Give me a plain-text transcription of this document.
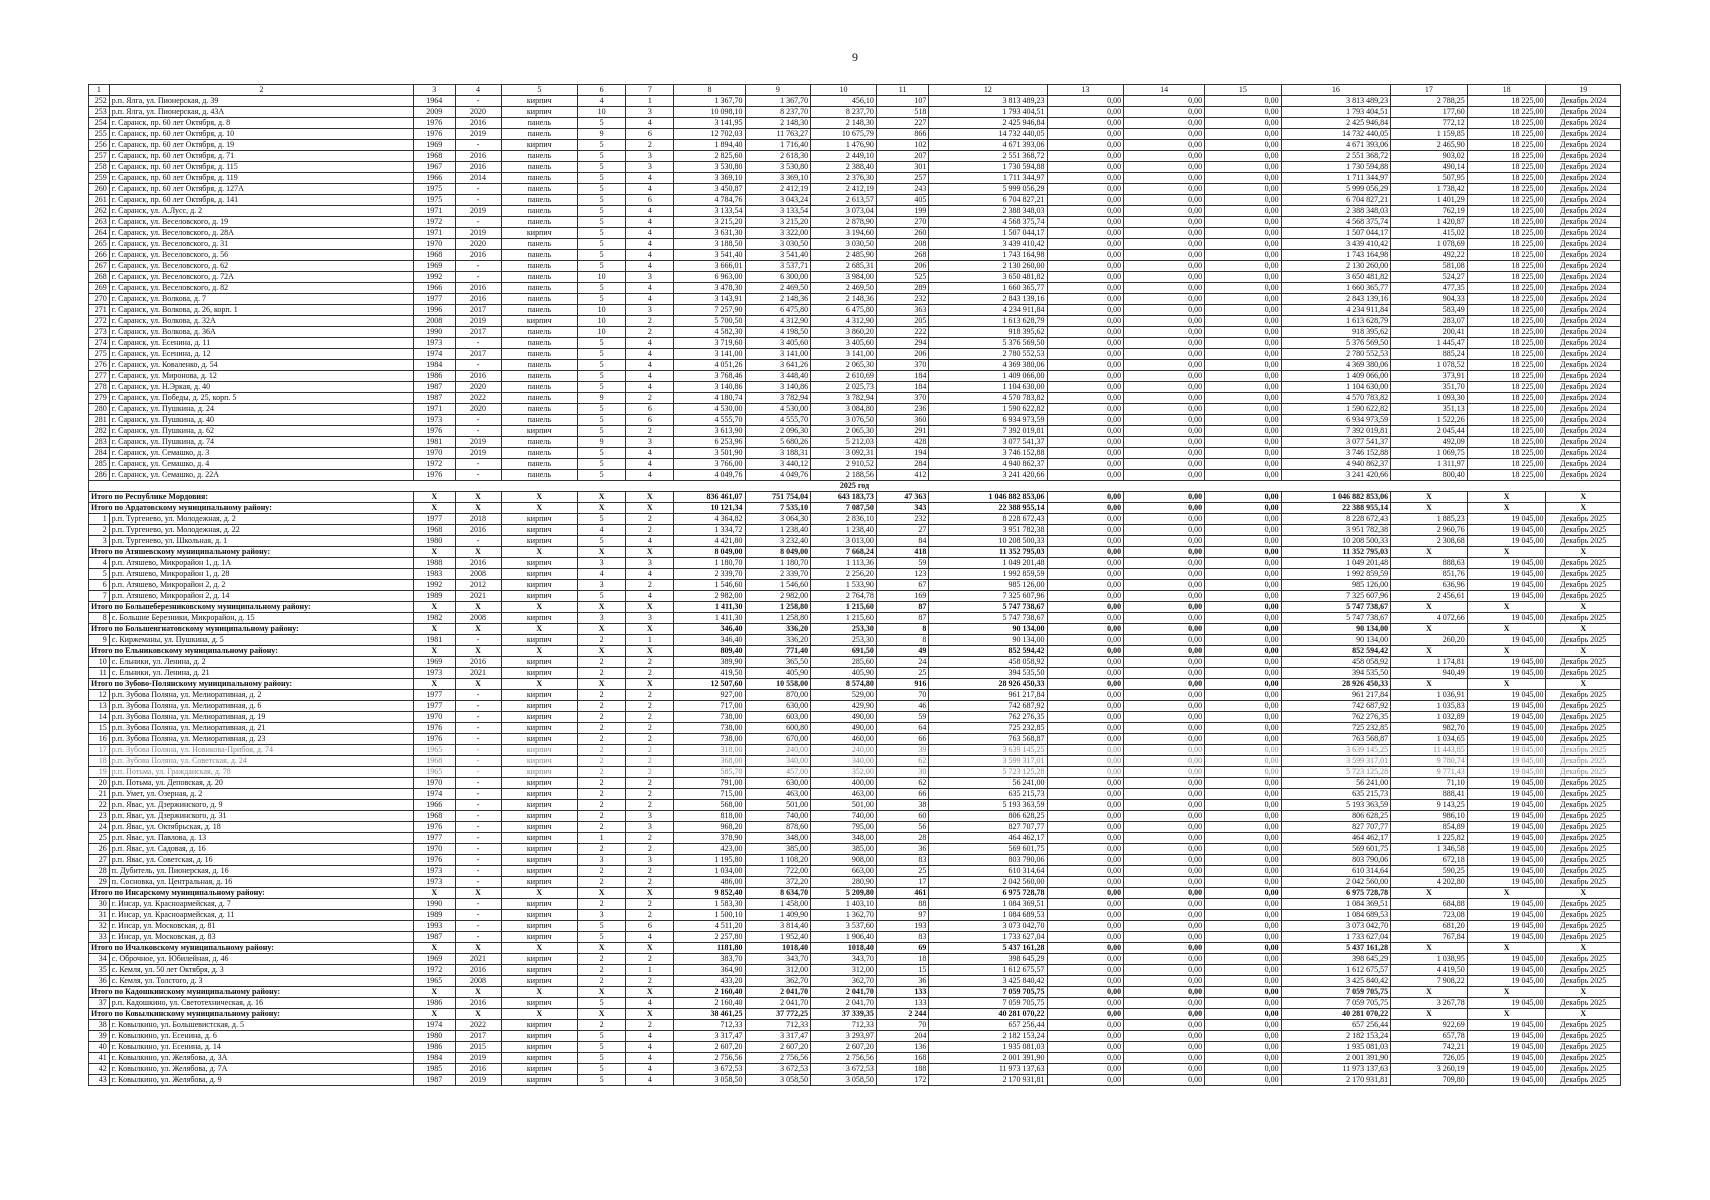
9
1	2	3	4	5	6	7	8	9	10	11	12	13	14	15	16	17	18	19
252	р.п. Ялга, ул. Пионерская, д. 39	1964	-	кирпич	4	1	1 367,70	1 367,70	456,10	107	3 813 489,23	0,00	0,00	0,00	3 813 489,23	2 788,25	18 225,00	Декабрь 2024
253	р.п. Ялга, ул. Пионерская, д. 43А	2009	2020	кирпич	10	3	10 098,10	8 237,70	8 237,70	518	1 793 404,51	0,00	0,00	0,00	1 793 404,51	177,60	18 225,00	Декабрь 2024
254	г. Саранск, пр. 60 лет Октября, д. 8	1976	2016	панель	5	4	3 141,95	2 148,30	2 148,30	227	2 425 946,84	0,00	0,00	0,00	2 425 946,84	772,12	18 225,00	Декабрь 2024
255	г. Саранск, пр. 60 лет Октября, д. 10	1976	2019	панель	9	6	12 702,03	11 763,27	10 675,79	866	14 732 440,05	0,00	0,00	0,00	14 732 440,05	1 159,85	18 225,00	Декабрь 2024
256	г. Саранск, пр. 60 лет Октября, д. 19	1969	-	кирпич	5	2	1 894,40	1 716,40	1 476,90	102	4 671 393,06	0,00	0,00	0,00	4 671 393,06	2 465,90	18 225,00	Декабрь 2024
257	г. Саранск, пр. 60 лет Октября, д. 71	1968	2016	панель	5	3	2 825,60	2 618,30	2 449,10	207	2 551 368,72	0,00	0,00	0,00	2 551 368,72	903,02	18 225,00	Декабрь 2024
258	г. Саранск, пр. 60 лет Октября, д. 115	1967	2016	панель	5	3	3 530,80	3 530,80	2 388,40	301	1 730 594,88	0,00	0,00	0,00	1 730 594,88	490,14	18 225,00	Декабрь 2024
259	г. Саранск, пр. 60 лет Октября, д. 119	1966	2014	панель	5	4	3 369,10	3 369,10	2 376,30	257	1 711 344,97	0,00	0,00	0,00	1 711 344,97	507,95	18 225,00	Декабрь 2024
260	г. Саранск, пр. 60 лет Октября, д. 127А	1975	-	панель	5	4	3 450,87	2 412,19	2 412,19	243	5 999 056,29	0,00	0,00	0,00	5 999 056,29	1 738,42	18 225,00	Декабрь 2024
261	г. Саранск, пр. 60 лет Октября, д. 141	1975	-	панель	5	6	4 784,76	3 043,24	2 613,57	405	6 704 827,21	0,00	0,00	0,00	6 704 827,21	1 401,29	18 225,00	Декабрь 2024
262	г. Саранск, ул. А.Лусс, д. 2	1971	2019	панель	5	4	3 133,54	3 133,54	3 073,04	199	2 388 348,03	0,00	0,00	0,00	2 388 348,03	762,19	18 225,00	Декабрь 2024
263	г. Саранск, ул. Веселовского, д. 19	1972	-	панель	5	4	3 215,20	3 215,20	2 878,90	270	4 568 375,74	0,00	0,00	0,00	4 568 375,74	1 420,87	18 225,00	Декабрь 2024
264	г. Саранск, ул. Веселовского, д. 28А	1971	2019	кирпич	5	4	3 631,30	3 322,00	3 194,60	260	1 507 044,17	0,00	0,00	0,00	1 507 044,17	415,02	18 225,00	Декабрь 2024
265	г. Саранск, ул. Веселовского, д. 31	1970	2020	панель	5	4	3 188,50	3 030,50	3 030,50	208	3 439 410,42	0,00	0,00	0,00	3 439 410,42	1 078,69	18 225,00	Декабрь 2024
266	г. Саранск, ул. Веселовского, д. 56	1968	2016	панель	5	4	3 541,40	3 541,40	2 485,90	268	1 743 164,98	0,00	0,00	0,00	1 743 164,98	492,22	18 225,00	Декабрь 2024
267	г. Саранск, ул. Веселовского, д. 62	1969	-	панель	5	4	3 666,01	3 537,71	2 685,31	206	2 130 260,00	0,00	0,00	0,00	2 130 260,00	581,08	18 225,00	Декабрь 2024
268	г. Саранск, ул. Веселовского, д. 72А	1992	-	панель	10	3	6 963,00	6 300,00	3 984,00	525	3 650 481,82	0,00	0,00	0,00	3 650 481,82	524,27	18 225,00	Декабрь 2024
269	г. Саранск, ул. Веселовского, д. 82	1966	2016	панель	5	4	3 478,30	2 469,50	2 469,50	289	1 660 365,77	0,00	0,00	0,00	1 660 365,77	477,35	18 225,00	Декабрь 2024
270	г. Саранск, ул. Волкова, д. 7	1977	2016	панель	5	4	3 143,91	2 148,36	2 148,36	232	2 843 139,16	0,00	0,00	0,00	2 843 139,16	904,33	18 225,00	Декабрь 2024
271	г. Саранск, ул. Волкова, д. 26, корп. 1	1996	2017	панель	10	3	7 257,90	6 475,80	6 475,80	363	4 234 911,84	0,00	0,00	0,00	4 234 911,84	583,49	18 225,00	Декабрь 2024
272	г. Саранск, ул. Волкова, д. 32А	2008	2019	кирпич	10	2	5 700,50	4 312,90	4 312,90	205	1 613 628,79	0,00	0,00	0,00	1 613 628,79	283,07	18 225,00	Декабрь 2024
273	г. Саранск, ул. Волкова, д. 36А	1990	2017	панель	10	2	4 582,30	4 198,50	3 860,20	222	918 395,62	0,00	0,00	0,00	918 395,62	200,41	18 225,00	Декабрь 2024
274	г. Саранск, ул. Есенина, д. 11	1973	-	панель	5	4	3 719,60	3 405,60	3 405,60	294	5 376 569,50	0,00	0,00	0,00	5 376 569,50	1 445,47	18 225,00	Декабрь 2024
275	г. Саранск, ул. Есенина, д. 12	1974	2017	панель	5	4	3 141,00	3 141,00	3 141,00	206	2 780 552,53	0,00	0,00	0,00	2 780 552,53	885,24	18 225,00	Декабрь 2024
276	г. Саранск, ул. Коваленко, д. 54	1984	-	панель	5	4	4 051,26	3 641,26	2 065,30	370	4 369 380,06	0,00	0,00	0,00	4 369 380,06	1 078,52	18 225,00	Декабрь 2024
277	г. Саранск, ул. Миронова, д. 12	1986	2016	панель	5	4	3 768,46	3 448,40	2 610,69	184	1 409 066,00	0,00	0,00	0,00	1 409 066,00	373,91	18 225,00	Декабрь 2024
278	г. Саранск, ул. Н.Эркая, д. 40	1987	2020	панель	5	4	3 140,86	3 140,86	2 025,73	184	1 104 630,00	0,00	0,00	0,00	1 104 630,00	351,70	18 225,00	Декабрь 2024
279	г. Саранск, ул. Победы, д. 25, корп. 5	1987	2022	панель	9	2	4 180,74	3 782,94	3 782,94	370	4 570 783,82	0,00	0,00	0,00	4 570 783,82	1 093,30	18 225,00	Декабрь 2024
280	г. Саранск, ул. Пушкина, д. 24	1971	2020	панель	5	6	4 530,00	4 530,00	3 084,80	236	1 590 622,82	0,00	0,00	0,00	1 590 622,82	351,13	18 225,00	Декабрь 2024
281	г. Саранск, ул. Пушкина, д. 40	1973	-	панель	5	6	4 555,70	4 555,70	3 076,50	360	6 934 973,59	0,00	0,00	0,00	6 934 973,59	1 522,26	18 225,00	Декабрь 2024
282	г. Саранск, ул. Пушкина, д. 62	1976	-	кирпич	5	2	3 613,90	2 096,30	2 065,30	291	7 392 019,81	0,00	0,00	0,00	7 392 019,81	2 045,44	18 225,00	Декабрь 2024
283	г. Саранск, ул. Пушкина, д. 74	1981	2019	панель	9	3	6 253,96	5 680,26	5 212,03	428	3 077 541,37	0,00	0,00	0,00	3 077 541,37	492,09	18 225,00	Декабрь 2024
284	г. Саранск, ул. Семашко, д. 3	1970	2019	панель	5	4	3 501,90	3 188,31	3 092,31	194	3 746 152,88	0,00	0,00	0,00	3 746 152,88	1 069,75	18 225,00	Декабрь 2024
285	г. Саранск, ул. Семашко, д. 4	1972	-	панель	5	4	3 766,00	3 440,12	2 910,52	284	4 940 862,37	0,00	0,00	0,00	4 940 862,37	1 311,97	18 225,00	Декабрь 2024
286	г. Саранск, ул. Семашко, д. 22А	1976	-	панель	5	4	4 049,76	4 049,76	2 188,56	412	3 241 420,66	0,00	0,00	0,00	3 241 420,66	800,40	18 225,00	Декабрь 2024
2025 год																		
Итого по Республике Мордовия:		X	X	X	X	X	836 461,07	751 754,04	643 183,73	47 363	1 046 882 853,06	0,00	0,00	0,00	1 046 882 853,06	X	X	X
Итого по Ардатовскому муниципальному району:		X	X	X	X	X	10 121,34	7 535,10	7 087,50	343	22 388 955,14	0,00	0,00	0,00	22 388 955,14	X	X	X
1	р.п. Тургенево, ул. Молодежная, д. 2	1977	2018	кирпич	5	2	4 364,82	3 064,30	2 836,10	232	8 228 672,43	0,00	0,00	0,00	8 228 672,43	1 885,23	19 045,00	Декабрь 2025
2	р.п. Тургенево, ул. Молодежная, д. 22	1968	2016	кирпич	4	2	1 334,72	1 238,40	1 238,40	27	3 951 782,38	0,00	0,00	0,00	3 951 782,38	2 960,76	19 045,00	Декабрь 2025
3	р.п. Тургенево, ул. Школьная, д. 1	1980	-	кирпич	5	4	4 421,80	3 232,40	3 013,00	84	10 208 500,33	0,00	0,00	0,00	10 208 500,33	2 308,68	19 045,00	Декабрь 2025
Итого по Атяшевскому муниципальному району:		X	X	X	X	X	8 049,00	8 049,00	7 668,24	418	11 352 795,03	0,00	0,00	0,00	11 352 795,03	X	X	X
4	р.п. Атяшево, Микрорайон 1, д. 1А	1988	2016	кирпич	3	3	1 180,70	1 180,70	1 113,36	59	1 049 201,48	0,00	0,00	0,00	1 049 201,48	888,63	19 045,00	Декабрь 2025
5	р.п. Атяшево, Микрорайон 1, д. 28	1983	2008	кирпич	4	4	2 339,70	2 339,70	2 256,20	123	1 992 859,59	0,00	0,00	0,00	1 992 859,59	851,76	19 045,00	Декабрь 2025
6	р.п. Атяшево, Микрорайон 2, д. 2	1992	2012	кирпич	3	2	1 546,60	1 546,60	1 533,90	67	985 126,00	0,00	0,00	0,00	985 126,00	636,96	19 045,00	Декабрь 2025
7	р.п. Атяшево, Микрорайон 2, д. 14	1989	2021	кирпич	5	4	2 982,00	2 982,00	2 764,78	169	7 325 607,96	0,00	0,00	0,00	7 325 607,96	2 456,61	19 045,00	Декабрь 2025
Итого по Большеберезниковскому муниципальному району:		X	X	X	X	X	1 411,30	1 258,80	1 215,60	87	5 747 738,67	0,00	0,00	0,00	5 747 738,67	X	X	X
8	с. Большие Березники, Микрорайон, д. 15	1982	2008	кирпич	3	3	1 411,30	1 258,80	1 215,60	87	5 747 738,67	0,00	0,00	0,00	5 747 738,67	4 072,66	19 045,00	Декабрь 2025
Итого по Большеигнатовскому муниципальному району:		X	X	X	X	X	346,40	336,20	253,30	8	90 134,00	0,00	0,00	0,00	90 134,00	X	X	X
9	с. Киржеманы, ул. Пушкина, д. 5	1981	-	кирпич	2	1	346,40	336,20	253,30	8	90 134,00	0,00	0,00	0,00	90 134,00	260,20	19 045,00	Декабрь 2025
Итого по Ельниковскому муниципальному району:		X	X	X	X	X	809,40	771,40	691,50	49	852 594,42	0,00	0,00	0,00	852 594,42	X	X	X
10	с. Ельники, ул. Ленина, д. 2	1969	2016	кирпич	2	2	389,90	365,50	285,60	24	458 058,92	0,00	0,00	0,00	458 058,92	1 174,81	19 045,00	Декабрь 2025
11	с. Ельники, ул. Ленина, д. 21	1973	2021	кирпич	2	2	419,50	405,90	405,90	25	394 535,50	0,00	0,00	0,00	394 535,50	940,49	19 045,00	Декабрь 2025
Итого по Зубово-Полянскому муниципальному району:		X	X	X	X	X	12 507,60	10 558,00	8 574,80	916	28 926 450,33	0,00	0,00	0,00	28 926 450,33	X	X	X
12	р.п. Зубова Поляна, ул. Мелиоративная, д. 2	1977	-	кирпич	2	2	927,00	870,00	529,00	70	961 217,84	0,00	0,00	0,00	961 217,84	1 036,91	19 045,00	Декабрь 2025
13	р.п. Зубова Поляна, ул. Мелиоративная, д. 6	1977	-	кирпич	2	2	717,00	630,00	429,90	46	742 687,92	0,00	0,00	0,00	742 687,92	1 035,83	19 045,00	Декабрь 2025
14	р.п. Зубова Поляна, ул. Мелиоративная, д. 19	1970	-	кирпич	2	2	738,00	603,00	490,00	59	762 276,35	0,00	0,00	0,00	762 276,35	1 032,89	19 045,00	Декабрь 2025
15	р.п. Зубова Поляна, ул. Мелиоративная, д. 21	1976	-	кирпич	2	2	738,00	600,80	490,00	64	725 232,85	0,00	0,00	0,00	725 232,85	982,70	19 045,00	Декабрь 2025
16	р.п. Зубова Поляна, ул. Мелиоративная, д. 23	1976	-	кирпич	2	2	738,00	670,00	460,00	66	763 568,87	0,00	0,00	0,00	763 568,87	1 034,65	19 045,00	Декабрь 2025
17	р.п. Зубова Поляна, ул. Новикова-Прибоя, д. 74	1965	-	кирпич	2	2	318,00	240,00	240,00	39	3 639 145,25	0,00	0,00	0,00	3 639 145,25	11 443,85	19 045,00	Декабрь 2025
18	р.п. Зубова Поляна, ул. Советская, д. 24	1968	-	кирпич	2	2	368,00	340,00	340,00	62	3 599 317,01	0,00	0,00	0,00	3 599 317,01	9 780,74	19 045,00	Декабрь 2025
19	р.п. Потьма, ул. Гражданская, д. 78	1965	-	кирпич	2	2	585,70	457,00	352,00	30	5 723 125,28	0,00	0,00	0,00	5 723 125,28	9 771,43	19 045,00	Декабрь 2025
20	р.п. Потьма, ул. Деповская, д. 20	1970	-	кирпич	2	2	791,00	630,00	400,00	62	56 241,00	0,00	0,00	0,00	56 241,00	71,10	19 045,00	Декабрь 2025
21	р.п. Умет, ул. Озерная, д. 2	1974	-	кирпич	2	2	715,00	463,00	463,00	66	635 215,73	0,00	0,00	0,00	635 215,73	888,41	19 045,00	Декабрь 2025
22	р.п. Явас, ул. Дзержинского, д. 9	1966	-	кирпич	2	2	568,00	501,00	501,00	38	5 193 363,59	0,00	0,00	0,00	5 193 363,59	9 143,25	19 045,00	Декабрь 2025
23	р.п. Явас, ул. Дзержинского, д. 31	1968	-	кирпич	2	3	818,00	740,00	740,00	60	806 628,25	0,00	0,00	0,00	806 628,25	986,10	19 045,00	Декабрь 2025
24	р.п. Явас, ул. Октябрьская, д. 18	1976	-	кирпич	2	3	968,20	878,60	795,00	56	827 707,77	0,00	0,00	0,00	827 707,77	854,89	19 045,00	Декабрь 2025
25	р.п. Явас, ул. Павлова, д. 13	1977	-	кирпич	1	2	378,90	348,00	348,00	28	464 462,17	0,00	0,00	0,00	464 462,17	1 225,82	19 045,00	Декабрь 2025
26	р.п. Явас, ул. Садовая, д. 16	1970	-	кирпич	2	2	423,00	385,00	385,00	36	569 601,75	0,00	0,00	0,00	569 601,75	1 346,58	19 045,00	Декабрь 2025
27	р.п. Явас, ул. Советская, д. 16	1976	-	кирпич	3	3	1 195,80	1 108,20	908,00	83	803 790,06	0,00	0,00	0,00	803 790,06	672,18	19 045,00	Декабрь 2025
28	п. Дубитель, ул. Пионерская, д. 16	1973	-	кирпич	2	2	1 034,00	722,00	663,00	25	610 314,64	0,00	0,00	0,00	610 314,64	590,25	19 045,00	Декабрь 2025
29	п. Сосновка, ул. Центральная, д. 16	1973	-	кирпич	2	2	486,00	372,20	280,90	17	2 042 560,00	0,00	0,00	0,00	2 042 560,00	4 202,80	19 045,00	Декабрь 2025
Итого по Инсарскому муниципальному району:		X	X	X	X	X	9 852,40	8 634,70	5 209,80	461	6 975 728,78	0,00	0,00	0,00	6 975 728,78	X	X	X
30	г. Инсар, ул. Красноармейская, д. 7	1990	-	кирпич	2	2	1 583,30	1 458,00	1 403,10	88	1 084 369,51	0,00	0,00	0,00	1 084 369,51	684,88	19 045,00	Декабрь 2025
31	г. Инсар, ул. Красноармейская, д. 11	1989	-	кирпич	3	2	1 500,10	1 409,90	1 362,70	97	1 084 689,53	0,00	0,00	0,00	1 084 689,53	723,08	19 045,00	Декабрь 2025
32	г. Инсар, ул. Московская, д. 81	1993	-	кирпич	5	6	4 511,20	3 814,40	3 537,60	193	3 073 042,70	0,00	0,00	0,00	3 073 042,70	681,20	19 045,00	Декабрь 2025
33	г. Инсар, ул. Московская, д. 83	1987	-	кирпич	5	4	2 257,80	1 952,40	1 906,40	83	1 733 627,04	0,00	0,00	0,00	1 733 627,04	767,84	19 045,00	Декабрь 2025
Итого по Ичалковскому муниципальному району:		X	X	X	X	X	1181,80	1018,40	1018,40	69	5 437 161,28	0,00	0,00	0,00	5 437 161,28	X	X	X
34	с. Оброчное, ул. Юбилейная, д. 46	1969	2021	кирпич	2	2	383,70	343,70	343,70	18	398 645,29	0,00	0,00	0,00	398 645,29	1 038,95	19 045,00	Декабрь 2025
35	с. Кемля, ул. 50 лет Октября, д. 3	1972	2016	кирпич	2	1	364,90	312,00	312,00	15	1 612 675,57	0,00	0,00	0,00	1 612 675,57	4 419,50	19 045,00	Декабрь 2025
36	с. Кемля, ул. Толстого, д. 3	1965	2008	кирпич	2	2	433,20	362,70	362,70	36	3 425 840,42	0,00	0,00	0,00	3 425 840,42	7 908,22	19 045,00	Декабрь 2025
Итого по Кадошкинскому муниципальному району:		X	X	X	X	X	2 160,40	2 041,70	2 041,70	133	7 059 705,75	0,00	0,00	0,00	7 059 705,75	X	X	X
37	р.п. Кадошкино, ул. Светотехническая, д. 16	1986	2016	кирпич	5	4	2 160,40	2 041,70	2 041,70	133	7 059 705,75	0,00	0,00	0,00	7 059 705,75	3 267,78	19 045,00	Декабрь 2025
Итого по Ковылкинскому муниципальному району:		X	X	X	X	X	38 461,25	37 772,25	37 339,35	2 244	40 281 070,22	0,00	0,00	0,00	40 281 070,22	X	X	X
38	г. Ковылкино, ул. Большевистская, д. 5	1974	2022	кирпич	2	2	712,33	712,33	712,33	70	657 256,44	0,00	0,00	0,00	657 256,44	922,69	19 045,00	Декабрь 2025
39	г. Ковылкино, ул. Есенина, д. 6	1980	2017	кирпич	5	4	3 317,47	3 317,47	3 293,97	204	2 182 153,24	0,00	0,00	0,00	2 182 153,24	657,78	19 045,00	Декабрь 2025
40	г. Ковылкино, ул. Есенина, д. 14	1986	2015	кирпич	5	4	2 607,20	2 607,20	2 607,20	136	1 935 081,03	0,00	0,00	0,00	1 935 081,03	742,21	19 045,00	Декабрь 2025
41	г. Ковылкино, ул. Желябова, д. 3А	1984	2019	кирпич	5	4	2 756,56	2 756,56	2 756,56	168	2 001 391,90	0,00	0,00	0,00	2 001 391,90	726,05	19 045,00	Декабрь 2025
42	г. Ковылкино, ул. Желябова, д. 7А	1985	2016	кирпич	5	4	3 672,53	3 672,53	3 672,53	188	11 973 137,63	0,00	0,00	0,00	11 973 137,63	3 260,19	19 045,00	Декабрь 2025
43	г. Ковылкино, ул. Желябова, д. 9	1987	2019	кирпич	5	4	3 058,50	3 058,50	3 058,50	172	2 170 931,81	0,00	0,00	0,00	2 170 931,81	709,80	19 045,00	Декабрь 2025
